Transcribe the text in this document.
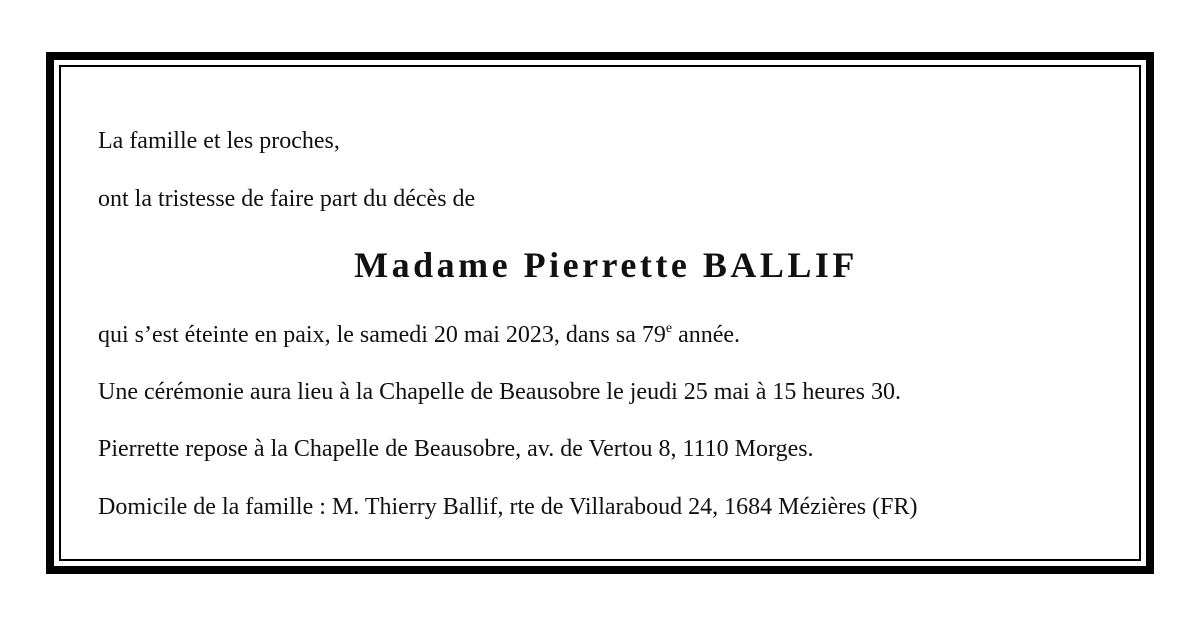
La famille et les proches,
ont la tristesse de faire part du décès de
Madame Pierrette BALLIF
qui s’est éteinte en paix, le samedi 20 mai 2023, dans sa 79e année.
Une cérémonie aura lieu à la Chapelle de Beausobre le jeudi 25 mai à 15 heures 30.
Pierrette repose à la Chapelle de Beausobre, av. de Vertou 8, 1110 Morges.
Domicile de la famille : M. Thierry Ballif, rte de Villaraboud 24, 1684 Mézières (FR)
